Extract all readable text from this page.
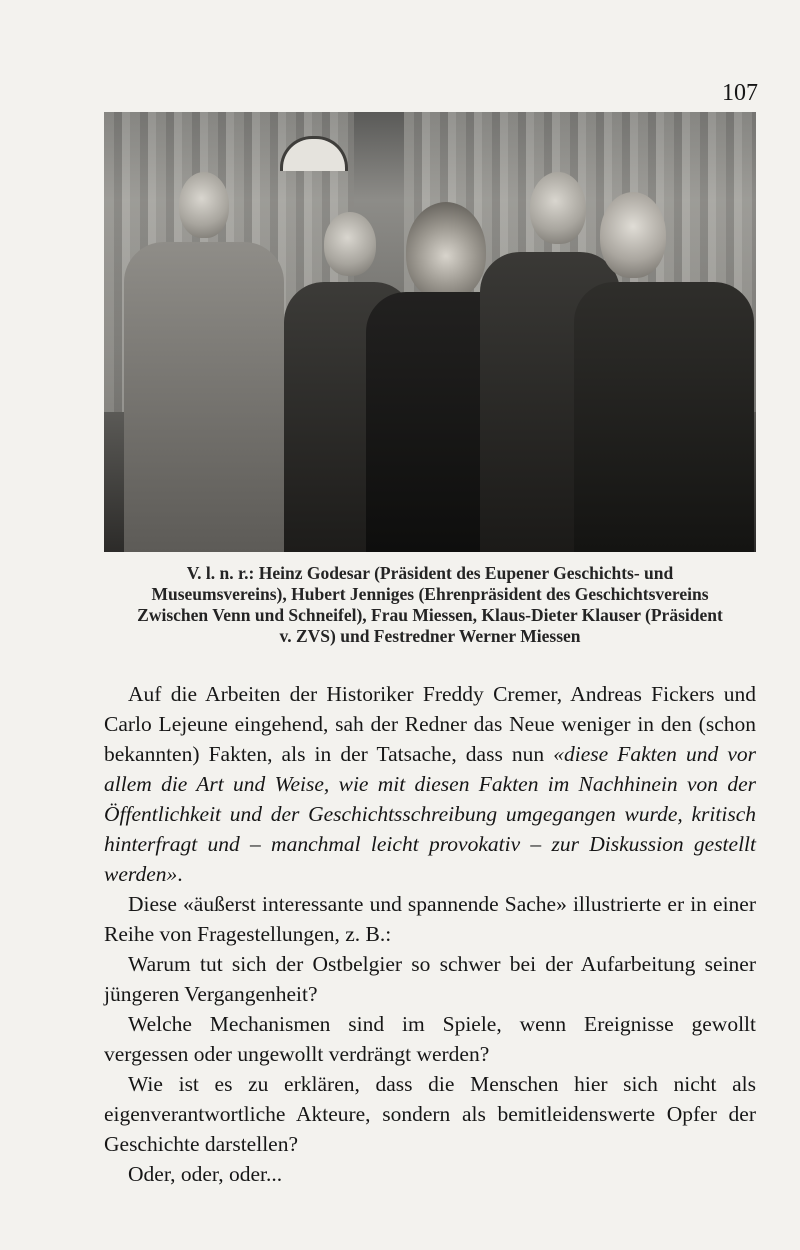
107
V. l. n. r.: Heinz Godesar (Präsident des Eupener Geschichts- und
Museumsvereins), Hubert Jenniges (Ehrenpräsident des Geschichtsvereins
Zwischen Venn und Schneifel), Frau Miessen, Klaus-Dieter Klauser (Präsident
v. ZVS) und Festredner Werner Miessen

Auf die Arbeiten der Historiker Freddy Cremer, Andreas Fickers und Carlo Lejeune eingehend, sah der Redner das Neue weniger in den (schon bekannten) Fakten, als in der Tatsache, dass nun «diese Fakten und vor allem die Art und Weise, wie mit diesen Fakten im Nachhinein von der Öffentlichkeit und der Geschichtsschreibung umgegangen wurde, kritisch hinterfragt und – manchmal leicht provokativ – zur Diskussion gestellt werden».

Diese «äußerst interessante und spannende Sache» illustrierte er in einer Reihe von Fragestellungen, z. B.:

Warum tut sich der Ostbelgier so schwer bei der Aufarbeitung seiner jüngeren Vergangenheit?

Welche Mechanismen sind im Spiele, wenn Ereignisse gewollt vergessen oder ungewollt verdrängt werden?

Wie ist es zu erklären, dass die Menschen hier sich nicht als eigenverantwortliche Akteure, sondern als bemitleidenswerte Opfer der Geschichte darstellen?

Oder, oder, oder...
